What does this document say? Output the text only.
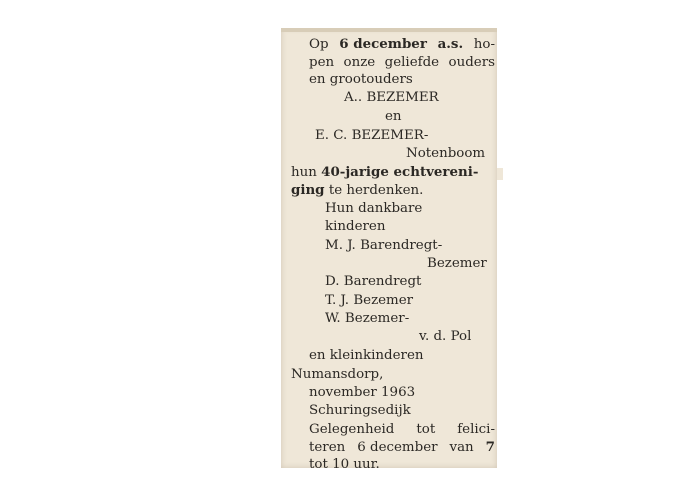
Op 6 december a.s. ho-
pen onze geliefde ouders
en grootouders
A.. BEZEMER
en
E. C. BEZEMER-
Notenboom
hun 40-jarige echtvereni-
ging te herdenken.
Hun dankbare
kinderen
M. J. Barendregt-
Bezemer
D. Barendregt
T. J. Bezemer
W. Bezemer-
v. d. Pol
en kleinkinderen
Numansdorp,
november 1963
Schuringsedijk
Gelegenheid tot felici-
teren 6 december van 7
tot 10 uur.
